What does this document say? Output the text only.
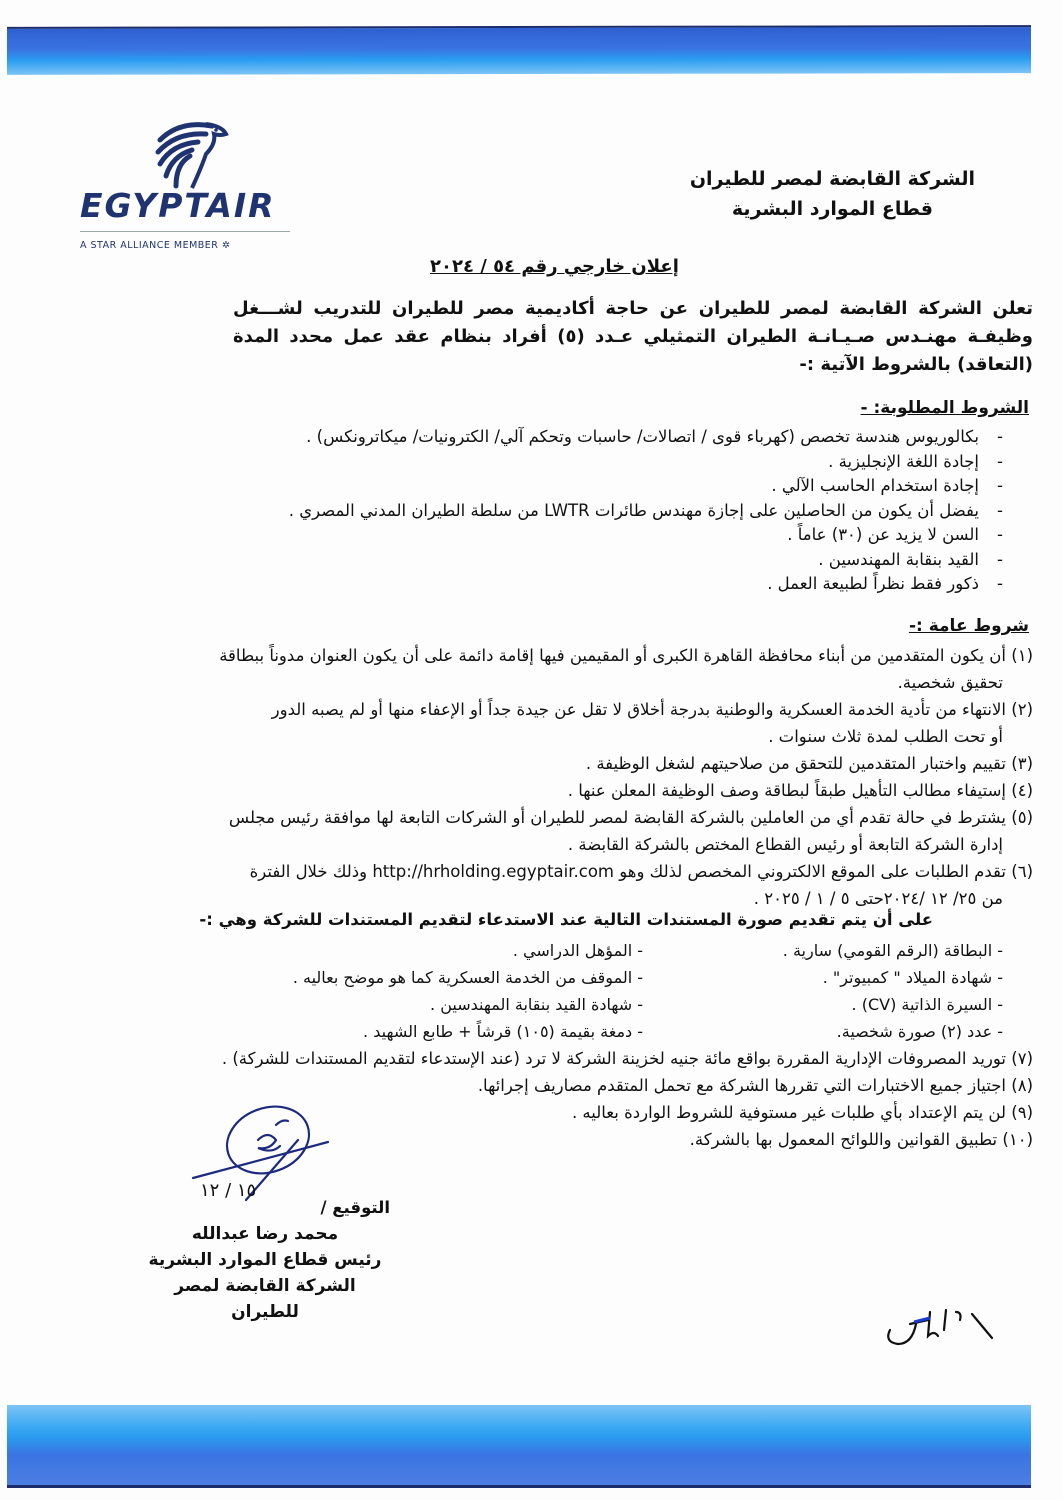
EGYPTAIR
A STAR ALLIANCE MEMBER ✲
الشركة القابضة لمصر للطيران
قطاع الموارد البشرية
إعلان خارجي رقم ٥٤ / ٢٠٢٤
تعلن الشركة القابضة لمصر للطيران عن حاجة أكاديمية مصر للطيران للتدريب لشـــغل وظيفـة مهنـدس صـيـانـة الطيران التمثيلي عـدد (٥) أفراد بنظام عقد عمل محدد المدة (التعاقد) بالشروط الآتية :-
الشروط المطلوبة: -
- بكالوريوس هندسة تخصص (كهرباء قوى / اتصالات/ حاسبات وتحكم آلي/ الكترونيات/ ميكاترونكس) .
- إجادة اللغة الإنجليزية .
- إجادة استخدام الحاسب الآلي .
- يفضل أن يكون من الحاصلين على إجازة مهندس طائرات LWTR من سلطة الطيران المدني المصري .
- السن لا يزيد عن (٣٠) عاماً .
- القيد بنقابة المهندسين .
- ذكور فقط نظراً لطبيعة العمل .
شروط عامة :-
(١) أن يكون المتقدمين من أبناء محافظة القاهرة الكبرى أو المقيمين فيها إقامة دائمة على أن يكون العنوان مدوناً ببطاقة
تحقيق شخصية.
(٢) الانتهاء من تأدية الخدمة العسكرية والوطنية بدرجة أخلاق لا تقل عن جيدة جداً أو الإعفاء منها أو لم يصبه الدور
أو تحت الطلب لمدة ثلاث سنوات .
(٣) تقييم واختبار المتقدمين للتحقق من صلاحيتهم لشغل الوظيفة .
(٤) إستيفاء مطالب التأهيل طبقاً لبطاقة وصف الوظيفة المعلن عنها .
(٥) يشترط في حالة تقدم أي من العاملين بالشركة القابضة لمصر للطيران أو الشركات التابعة لها موافقة رئيس مجلس
إدارة الشركة التابعة أو رئيس القطاع المختص بالشركة القابضة .
(٦) تقدم الطلبات على الموقع الالكتروني المخصص لذلك وهو http://hrholding.egyptair.com وذلك خلال الفترة
من ٢٥/ ١٢ /٢٠٢٤حتى ٥ / ١ / ٢٠٢٥ .
على أن يتم تقديم صورة المستندات التالية عند الاستدعاء لتقديم المستندات للشركة وهي :-
- البطاقة (الرقم القومي) سارية .
- المؤهل الدراسي .
- شهادة الميلاد " كمبيوتر" .
- الموقف من الخدمة العسكرية كما هو موضح بعاليه .
- السيرة الذاتية (CV) .
- شهادة القيد بنقابة المهندسين .
- عدد (٢) صورة شخصية.
- دمغة بقيمة (١٠٥) قرشاً + طابع الشهيد .
(٧) توريد المصروفات الإدارية المقررة بواقع مائة جنيه لخزينة الشركة لا ترد (عند الإستدعاء لتقديم المستندات للشركة) .
(٨) اجتياز جميع الاختبارات التي تقررها الشركة مع تحمل المتقدم مصاريف إجرائها.
(٩) لن يتم الإعتداد بأي طلبات غير مستوفية للشروط الواردة بعاليه .
(١٠) تطبيق القوانين واللوائح المعمول بها بالشركة.
١٥ / ١٢
التوقيع /
محمد رضا عبدالله
رئيس قطاع الموارد البشرية
الشركة القابضة لمصر للطيران
